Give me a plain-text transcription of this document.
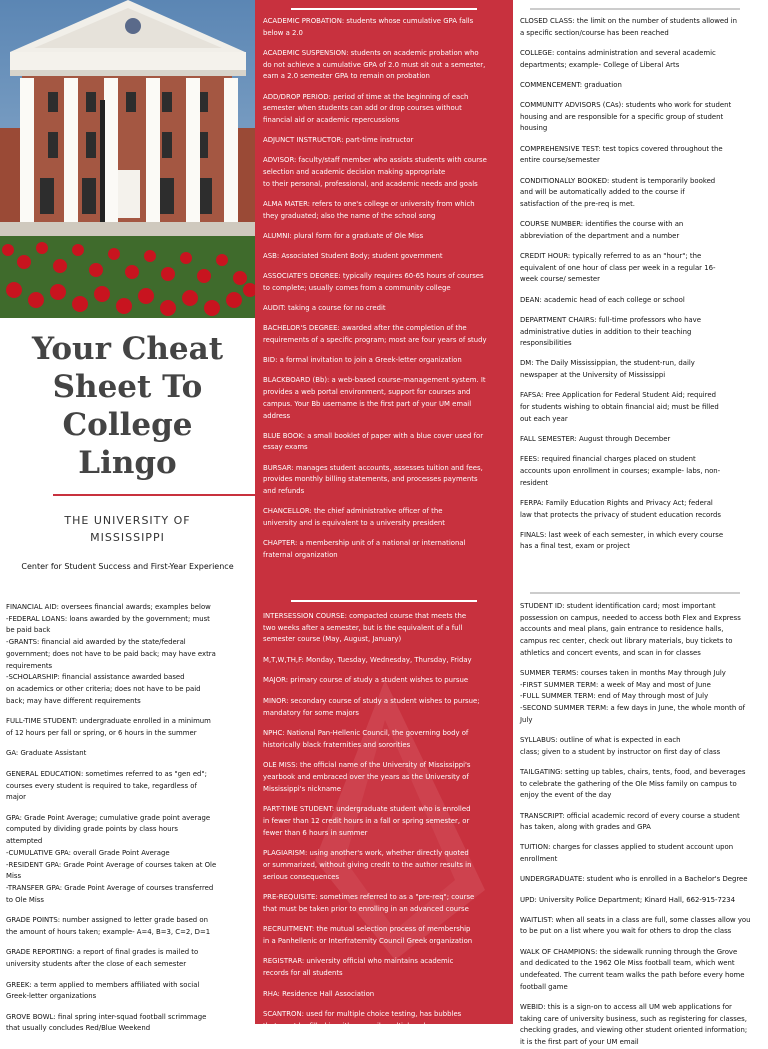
Your Cheat
Sheet To
College
Lingo
THE UNIVERSITY OF
MISSISSIPPI
Center for Student Success and First-Year Experience

FINANCIAL AID: oversees financial awards; examples below
-FEDERAL LOANS: loans awarded by the government; must
be paid back
-GRANTS: financial aid awarded by the state/federal
government; does not have to be paid back; may have extra
requirements
-SCHOLARSHIP: financial assistance awarded based
on academics or other criteria; does not have to be paid
back; may have different requirements

FULL-TIME STUDENT: undergraduate enrolled in a minimum
of 12 hours per fall or spring, or 6 hours in the summer

GA: Graduate Assistant

GENERAL EDUCATION: sometimes referred to as "gen ed";
courses every student is required to take, regardless of
major

GPA: Grade Point Average; cumulative grade point average
computed by dividing grade points by class hours
attempted
-CUMULATIVE GPA: overall Grade Point Average
-RESIDENT GPA: Grade Point Average of courses taken at Ole
Miss
-TRANSFER GPA: Grade Point Average of courses transferred
to Ole Miss

GRADE POINTS: number assigned to letter grade based on
the amount of hours taken; example- A=4, B=3, C=2, D=1

GRADE REPORTING: a report of final grades is mailed to
university students after the close of each semester

GREEK: a term applied to members affiliated with social
Greek-letter organizations

GROVE BOWL: final spring inter-squad football scrimmage
that usually concludes Red/Blue Weekend

ACADEMIC PROBATION: students whose cumulative GPA falls
below a 2.0

ACADEMIC SUSPENSION: students on academic probation who
do not achieve a cumulative GPA of 2.0 must sit out a semester,
earn a 2.0 semester GPA to remain on probation

ADD/DROP PERIOD: period of time at the beginning of each
semester when students can add or drop courses without
financial aid or academic repercussions

ADJUNCT INSTRUCTOR: part-time instructor

ADVISOR: faculty/staff member who assists students with course
selection and academic decision making appropriate
to their personal, professional, and academic needs and goals

ALMA MATER: refers to one's college or university from which
they graduated; also the name of the school song

ALUMNI: plural form for a graduate of Ole Miss

ASB: Associated Student Body; student government

ASSOCIATE'S DEGREE: typically requires 60-65 hours of courses
to complete; usually comes from a community college

AUDIT: taking a course for no credit

BACHELOR'S DEGREE: awarded after the completion of the
requirements of a specific program; most are four years of study

BID: a formal invitation to join a Greek-letter organization

BLACKBOARD (Bb): a web-based course-management system. It
provides a web portal environment, support for courses and
campus. Your Bb username is the first part of your UM email
address

BLUE BOOK: a small booklet of paper with a blue cover used for
essay exams

BURSAR: manages student accounts, assesses tuition and fees,
provides monthly billing statements, and processes payments
and refunds

CHANCELLOR: the chief administrative officer of the
university and is equivalent to a university president

CHAPTER: a membership unit of a national or international
fraternal organization

INTERSESSION COURSE: compacted course that meets the
two weeks after a semester, but is the equivalent of a full
semester course (May, August, January)

M,T,W,TH,F: Monday, Tuesday, Wednesday, Thursday, Friday

MAJOR: primary course of study a student wishes to pursue

MINOR: secondary course of study a student wishes to pursue;
mandatory for some majors

NPHC: National Pan-Hellenic Council, the governing body of
historically black fraternities and sororities

OLE MISS: the official name of the University of Mississippi's
yearbook and embraced over the years as the University of
Mississippi's nickname

PART-TIME STUDENT: undergraduate student who is enrolled
in fewer than 12 credit hours in a fall or spring semester, or
fewer than 6 hours in summer

PLAGIARISM: using another's work, whether directly quoted
or summarized, without giving credit to the author results in
serious consequences

PRE-REQUISITE: sometimes referred to as a "pre-req"; course
that must be taken prior to enrolling in an advanced course

RECRUITMENT: the mutual selection process of membership
in a Panhellenic or Interfraternity Council Greek organization

REGISTRAR: university official who maintains academic
records for all students

RHA: Residence Hall Association

SCANTRON: used for multiple choice testing, has bubbles
that must be filled in with a pencil; multiple colors

CLOSED CLASS: the limit on the number of students allowed in
a specific section/course has been reached

COLLEGE: contains administration and several academic
departments; example- College of Liberal Arts

COMMENCEMENT: graduation

COMMUNITY ADVISORS (CAs): students who work for student
housing and are responsible for a specific group of student
housing

COMPREHENSIVE TEST: test topics covered throughout the
entire course/semester

CONDITIONALLY BOOKED: student is temporarily booked
and will be automatically added to the course if
satisfaction of the pre-req is met.

COURSE NUMBER: identifies the course with an
abbreviation of the department and a number

CREDIT HOUR: typically referred to as an "hour"; the
equivalent of one hour of class per week in a regular 16-
week course/ semester

DEAN: academic head of each college or school

DEPARTMENT CHAIRS: full-time professors who have
administrative duties in addition to their teaching
responsibilities

DM: The Daily Mississippian, the student-run, daily
newspaper at the University of Mississippi

FAFSA: Free Application for Federal Student Aid; required
for students wishing to obtain financial aid; must be filled
out each year

FALL SEMESTER: August through December

FEES: required financial charges placed on student
accounts upon enrollment in courses; example- labs, non-
resident

FERPA: Family Education Rights and Privacy Act; federal
law that protects the privacy of student education records

FINALS: last week of each semester, in which every course
has a final test, exam or project

STUDENT ID: student identification card; most important
possession on campus, needed to access both Flex and Express
accounts and meal plans, gain entrance to residence halls,
campus rec center, check out library materials, buy tickets to
athletics and concert events, and scan in for classes

SUMMER TERMS: courses taken in months May through July
-FIRST SUMMER TERM: a week of May and most of June
-FULL SUMMER TERM: end of May through most of July
-SECOND SUMMER TERM: a few days in June, the whole month of
July

SYLLABUS: outline of what is expected in each
class; given to a student by instructor on first day of class

TAILGATING: setting up tables, chairs, tents, food, and beverages
to celebrate the gathering of the Ole Miss family on campus to
enjoy the event of the day

TRANSCRIPT: official academic record of every course a student
has taken, along with grades and GPA

TUITION: charges for classes applied to student account upon
enrollment

UNDERGRADUATE: student who is enrolled in a Bachelor's Degree

UPD: University Police Department; Kinard Hall, 662-915-7234

WAITLIST: when all seats in a class are full, some classes allow you
to be put on a list where you wait for others to drop the class

WALK OF CHAMPIONS: the sidewalk running through the Grove
and dedicated to the 1962 Ole Miss football team, which went
undefeated. The current team walks the path before every home
football game

WEBID: this is a sign-on to access all UM web applications for
taking care of university business, such as registering for classes,
checking grades, and viewing other student oriented information;
it is the first part of your UM email
